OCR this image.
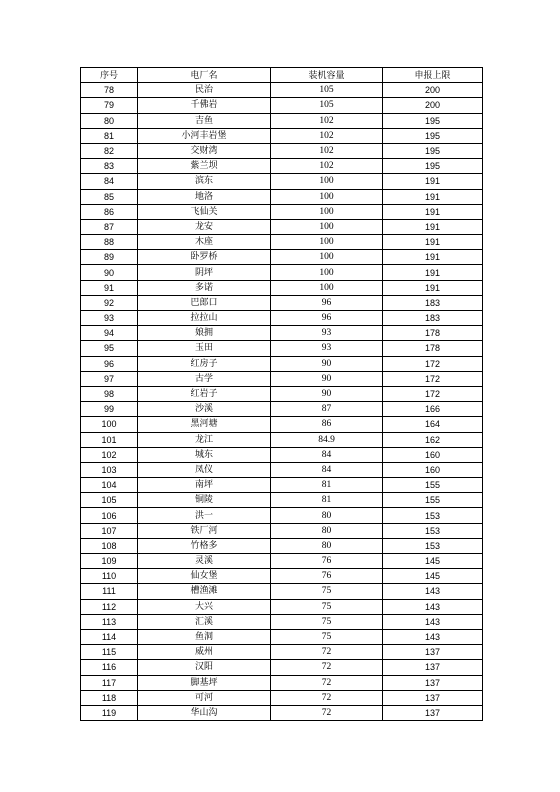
序号	电厂名	装机容量	申报上限
78	民治	105	200
79	千佛岩	105	200
80	吉鱼	102	195
81	小河丰岩堡	102	195
82	交财湾	102	195
83	紫兰坝	102	195
84	滨东	100	191
85	地洛	100	191
86	飞仙关	100	191
87	龙安	100	191
88	木座	100	191
89	卧罗桥	100	191
90	阴坪	100	191
91	多诺	100	191
92	巴郎口	96	183
93	拉拉山	96	183
94	娘拥	93	178
95	玉田	93	178
96	红房子	90	172
97	古学	90	172
98	红岩子	90	172
99	沙溪	87	166
100	黑河塘	86	164
101	龙江	84.9	162
102	城东	84	160
103	凤仪	84	160
104	南坪	81	155
105	铜陵	81	155
106	洪一	80	153
107	铁厂河	80	153
108	竹格多	80	153
109	灵溪	76	145
110	仙女堡	76	145
111	槽渔滩	75	143
112	大兴	75	143
113	汇溪	75	143
114	鱼洞	75	143
115	威州	72	137
116	汉阳	72	137
117	脚基坪	72	137
118	可河	72	137
119	华山沟	72	137
